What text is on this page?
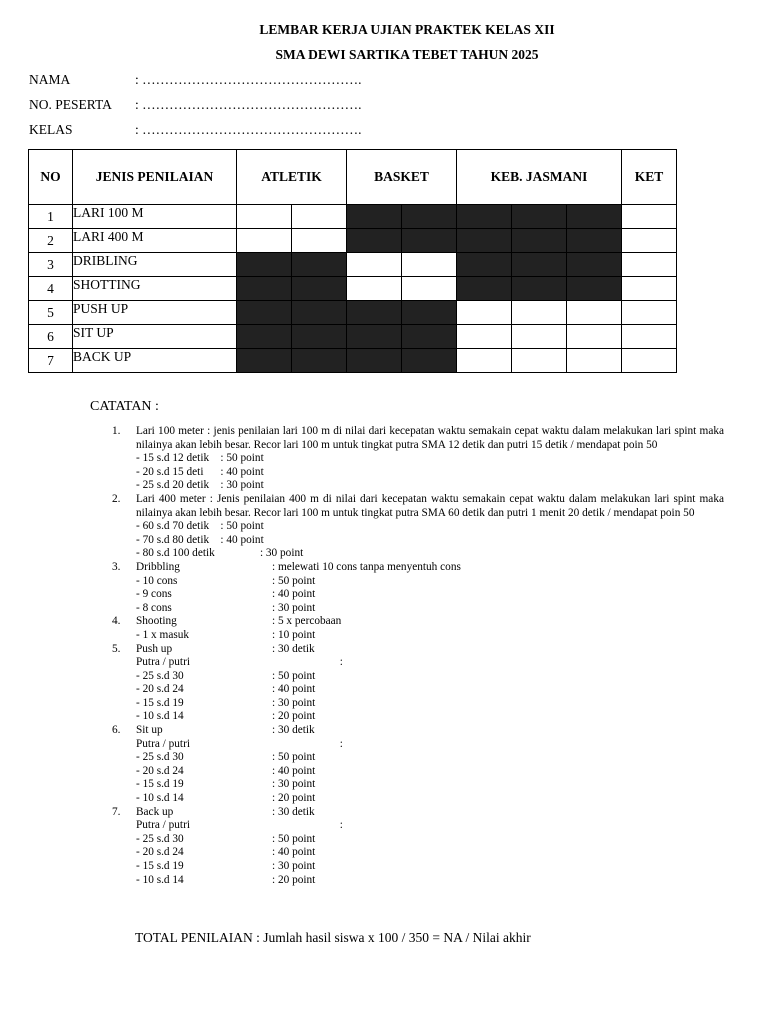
LEMBAR KERJA UJIAN PRAKTEK KELAS XII
SMA DEWI SARTIKA TEBET TAHUN 2025
NAMA	: ………………………………………….
NO. PESERTA : ………………………………………….
KELAS	: ………………………………………….
NO	JENIS PENILAIAN	ATLETIK		BASKET		KEB. JASMANI			KET
1	LARI 100 M								
2	LARI 400 M								
3	DRIBLING								
4	SHOTTING								
5	PUSH UP								
6	SIT UP								
7	BACK UP								
CATATAN :
1. Lari 100 meter : jenis penilaian lari 100 m di nilai dari kecepatan waktu semakain cepat waktu dalam melakukan lari spint maka nilainya akan lebih besar. Recor lari 100 m untuk tingkat putra SMA 12 detik dan putri 15 detik / mendapat poin 50
- 15 s.d 12 detik    : 50 point
- 20 s.d 15 deti      : 40 point
- 25 s.d 20 detik    : 30 point
2. Lari 400 meter : Jenis penilaian 400 m di nilai dari kecepatan waktu semakain cepat waktu dalam melakukan lari spint maka nilainya akan lebih besar. Recor lari 100 m untuk tingkat putra SMA 60 detik dan putri 1 menit 20 detik / mendapat poin 50
- 60 s.d 70 detik    : 50 point
- 70 s.d 80 detik    : 40 point
- 80 s.d 100 detik                : 30 point
3. Dribbling	: melewati 10 cons tanpa menyentuh cons
- 10 cons	: 50 point
- 9 cons	: 40 point
- 8 cons	: 30 point
4. Shooting	: 5 x percobaan
- 1 x masuk	: 10 point
5. Push up	: 30 detik
Putra / putri	:
- 25 s.d 30	: 50 point
- 20 s.d 24	: 40 point
- 15 s.d 19	: 30 point
- 10 s.d 14	: 20 point
6. Sit up	: 30 detik
Putra / putri	:
- 25 s.d 30	: 50 point
- 20 s.d 24	: 40 point
- 15 s.d 19	: 30 point
- 10 s.d 14	: 20 point
7. Back up	: 30 detik
Putra / putri	:
- 25 s.d 30	: 50 point
- 20 s.d 24	: 40 point
- 15 s.d 19	: 30 point
- 10 s.d 14	: 20 point
TOTAL PENILAIAN : Jumlah hasil siswa x 100 / 350 = NA / Nilai akhir
